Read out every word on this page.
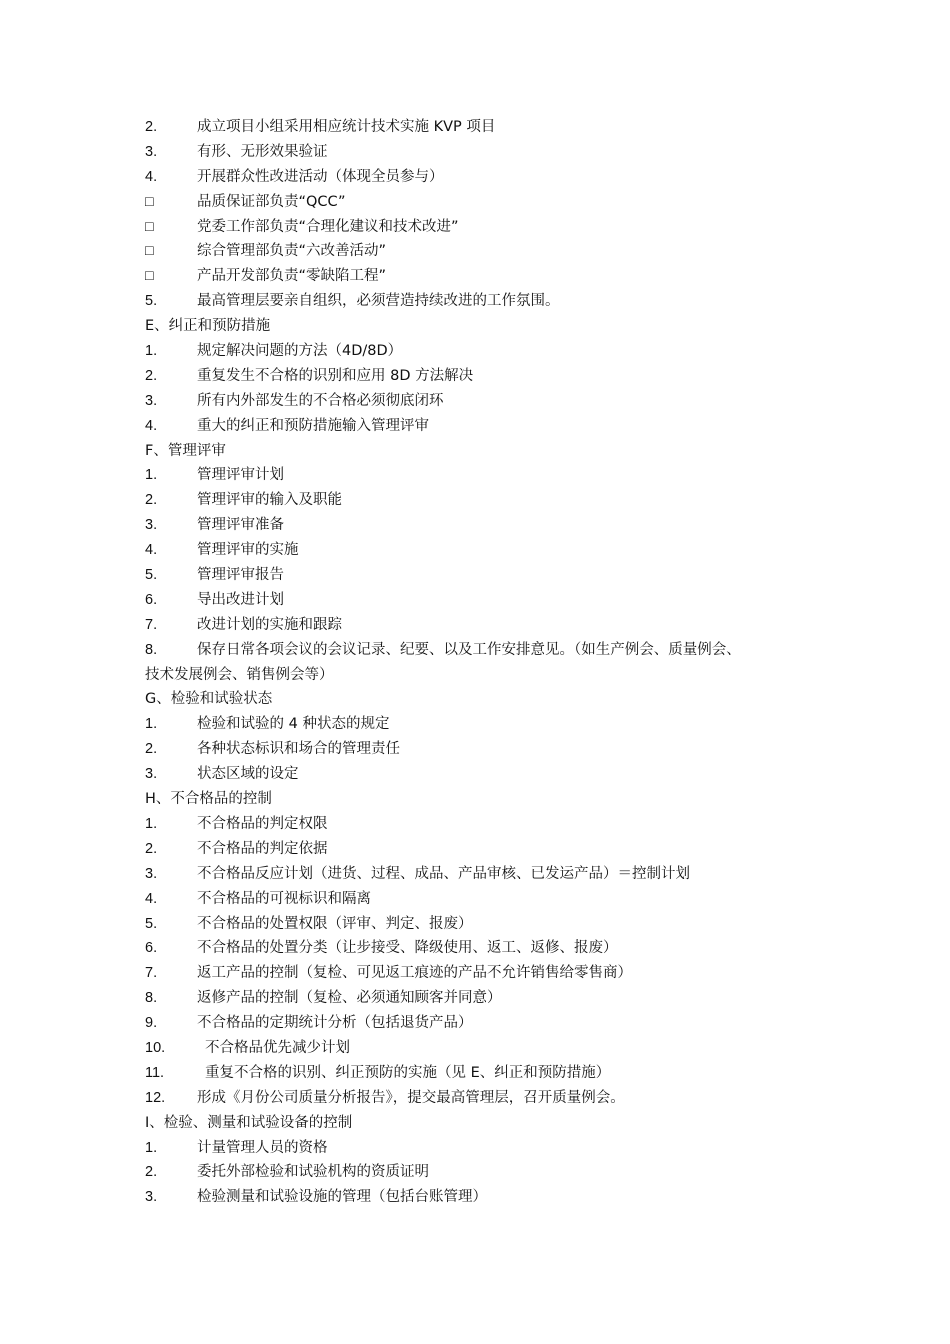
2.	成立项目小组采用相应统计技术实施 KVP 项目
3.	有形、无形效果验证
4.	开展群众性改进活动（体现全员参与）
□	品质保证部负责“QCC”
□	党委工作部负责“合理化建议和技术改进”
□	综合管理部负责“六改善活动”
□	产品开发部负责“零缺陷工程”
5.	最高管理层要亲自组织，必须营造持续改进的工作氛围。
E、纠正和预防措施
1.	规定解决问题的方法（4D/8D）
2.	重复发生不合格的识别和应用 8D 方法解决
3.	所有内外部发生的不合格必须彻底闭环
4.	重大的纠正和预防措施输入管理评审
F、管理评审
1.	管理评审计划
2.	管理评审的输入及职能
3.	管理评审准备
4.	管理评审的实施
5.	管理评审报告
6.	导出改进计划
7.	改进计划的实施和跟踪
8.	保存日常各项会议的会议记录、纪要、以及工作安排意见。（如生产例会、质量例会、
技术发展例会、销售例会等）
G、检验和试验状态
1.	检验和试验的 4 种状态的规定
2.	各种状态标识和场合的管理责任
3.	状态区域的设定
H、不合格品的控制
1.	不合格品的判定权限
2.	不合格品的判定依据
3.	不合格品反应计划（进货、过程、成品、产品审核、已发运产品）＝控制计划
4.	不合格品的可视标识和隔离
5.	不合格品的处置权限（评审、判定、报废）
6.	不合格品的处置分类（让步接受、降级使用、返工、返修、报废）
7.	返工产品的控制（复检、可见返工痕迹的产品不允许销售给零售商）
8.	返修产品的控制（复检、必须通知顾客并同意）
9.	不合格品的定期统计分析（包括退货产品）
10.	不合格品优先减少计划
11.	重复不合格的识别、纠正预防的实施（见 E、纠正和预防措施）
12. 形成《月份公司质量分析报告》，提交最高管理层，召开质量例会。
I、检验、测量和试验设备的控制
1.	计量管理人员的资格
2.	委托外部检验和试验机构的资质证明
3.	检验测量和试验设施的管理（包括台账管理）
